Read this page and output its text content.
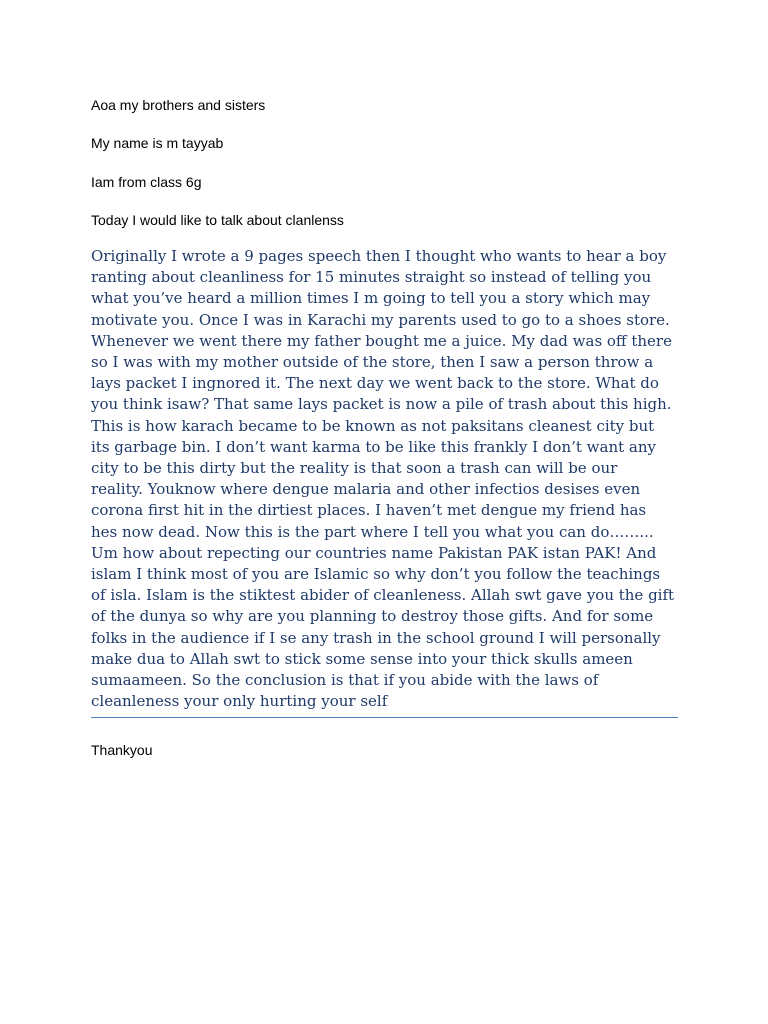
Aoa my brothers and sisters
My name is m tayyab
Iam from class 6g
Today I would like to talk about clanlenss
Originally I wrote a 9 pages speech then I thought who wants to hear a boy
ranting about cleanliness for 15 minutes straight so instead of telling you
what you’ve heard a million times I m going to tell you a story which may
motivate you. Once I was in Karachi my parents used to go to a shoes store.
Whenever we went there my father bought me a juice. My dad was off there
so I was with my mother outside of the store, then I saw a person throw a
lays packet I ingnored it. The next day we went back to the store. What do
you think isaw? That same lays packet is now a pile of trash about this high.
This is how karach became to be known as not paksitans cleanest city but
its garbage bin. I don’t want karma to be like this frankly I don’t want any
city to be this dirty but the reality is that soon a trash can will be our
reality. Youknow where dengue malaria and other infectios desises even
corona first hit in the dirtiest places. I haven’t met dengue my friend has
hes now dead. Now this is the part where I tell you what you can do……...
Um how about repecting our countries name Pakistan PAK istan PAK! And
islam I think most of you are Islamic so why don’t you follow the teachings
of isla. Islam is the stiktest abider of cleanleness. Allah swt gave you the gift
of the dunya so why are you planning to destroy those gifts. And for some
folks in the audience if I se any trash in the school ground I will personally
make dua to Allah swt to stick some sense into your thick skulls ameen
sumaameen. So the conclusion is that if you abide with the laws of
cleanleness your only hurting your self
Thankyou
